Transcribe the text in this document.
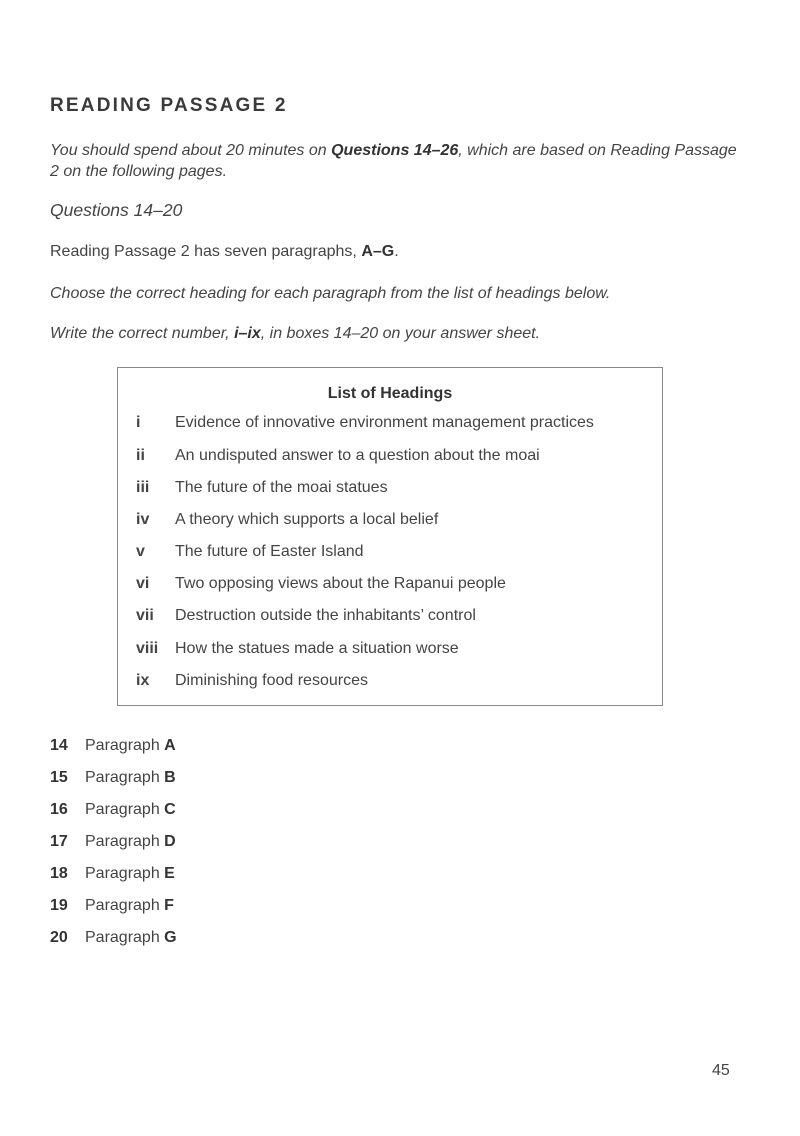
READING PASSAGE 2
You should spend about 20 minutes on Questions 14–26, which are based on Reading Passage 2 on the following pages.
Questions 14–20
Reading Passage 2 has seven paragraphs, A–G.
Choose the correct heading for each paragraph from the list of headings below.
Write the correct number, i–ix, in boxes 14–20 on your answer sheet.
List of Headings
i	Evidence of innovative environment management practices
ii	An undisputed answer to a question about the moai
iii	The future of the moai statues
iv	A theory which supports a local belief
v	The future of Easter Island
vi	Two opposing views about the Rapanui people
vii	Destruction outside the inhabitants’ control
viii	How the statues made a situation worse
ix	Diminishing food resources
14 Paragraph A
15 Paragraph B
16 Paragraph C
17 Paragraph D
18 Paragraph E
19 Paragraph F
20 Paragraph G
45
